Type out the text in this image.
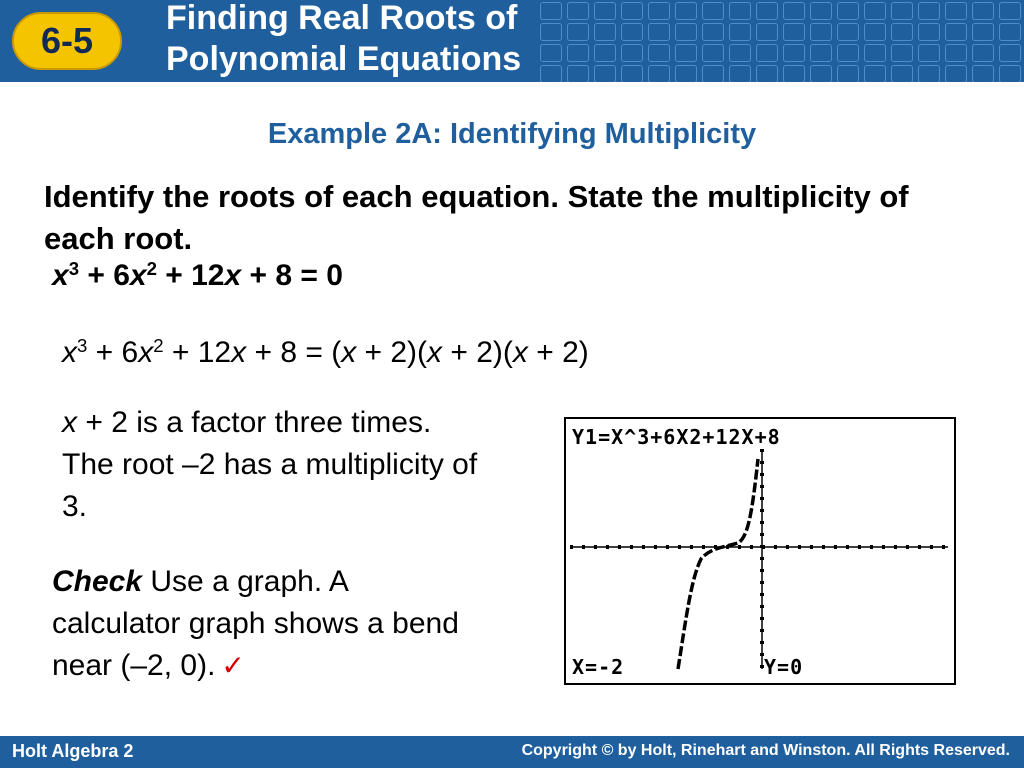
6-5
Finding Real Roots of
Polynomial Equations
Example 2A: Identifying Multiplicity
Identify the roots of each equation. State the multiplicity of each root.
$x^3 + 6x^2 + 12x + 8 = 0$
$x^3 + 6x^2 + 12x + 8 = (x + 2)(x + 2)(x + 2)$
x + 2 is a factor three times. The root –2 has a multiplicity of 3.
Check Use a graph. A calculator graph shows a bend near (–2, 0). ✓
Y1=X^3+6X2+12X+8
X=-2	Y=0
Holt Algebra 2	Copyright © by Holt, Rinehart and Winston. All Rights Reserved.
